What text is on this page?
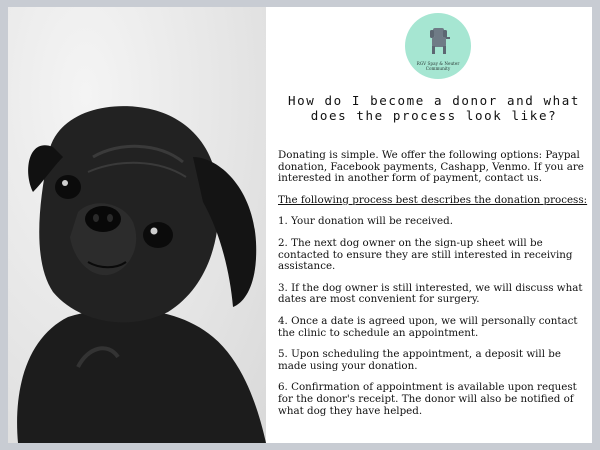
RGV Spay & Neuter Community
How do I become a donor and what does the process look like?

Donating is simple. We offer the following options: Paypal donation, Facebook payments, Cashapp, Venmo. If you are interested in another form of payment, contact us.

The following process best describes the donation process:

1. Your donation will be received.

2. The next dog owner on the sign-up sheet will be contacted to ensure they are still interested in receiving assistance.

3. If the dog owner is still interested, we will discuss what dates are most convenient for surgery.

4. Once a date is agreed upon, we will personally contact the clinic to schedule an appointment.

5. Upon scheduling the appointment, a deposit will be made using your donation.

6. Confirmation of appointment is available upon request for the donor's receipt. The donor will also be notified of what dog they have helped.
